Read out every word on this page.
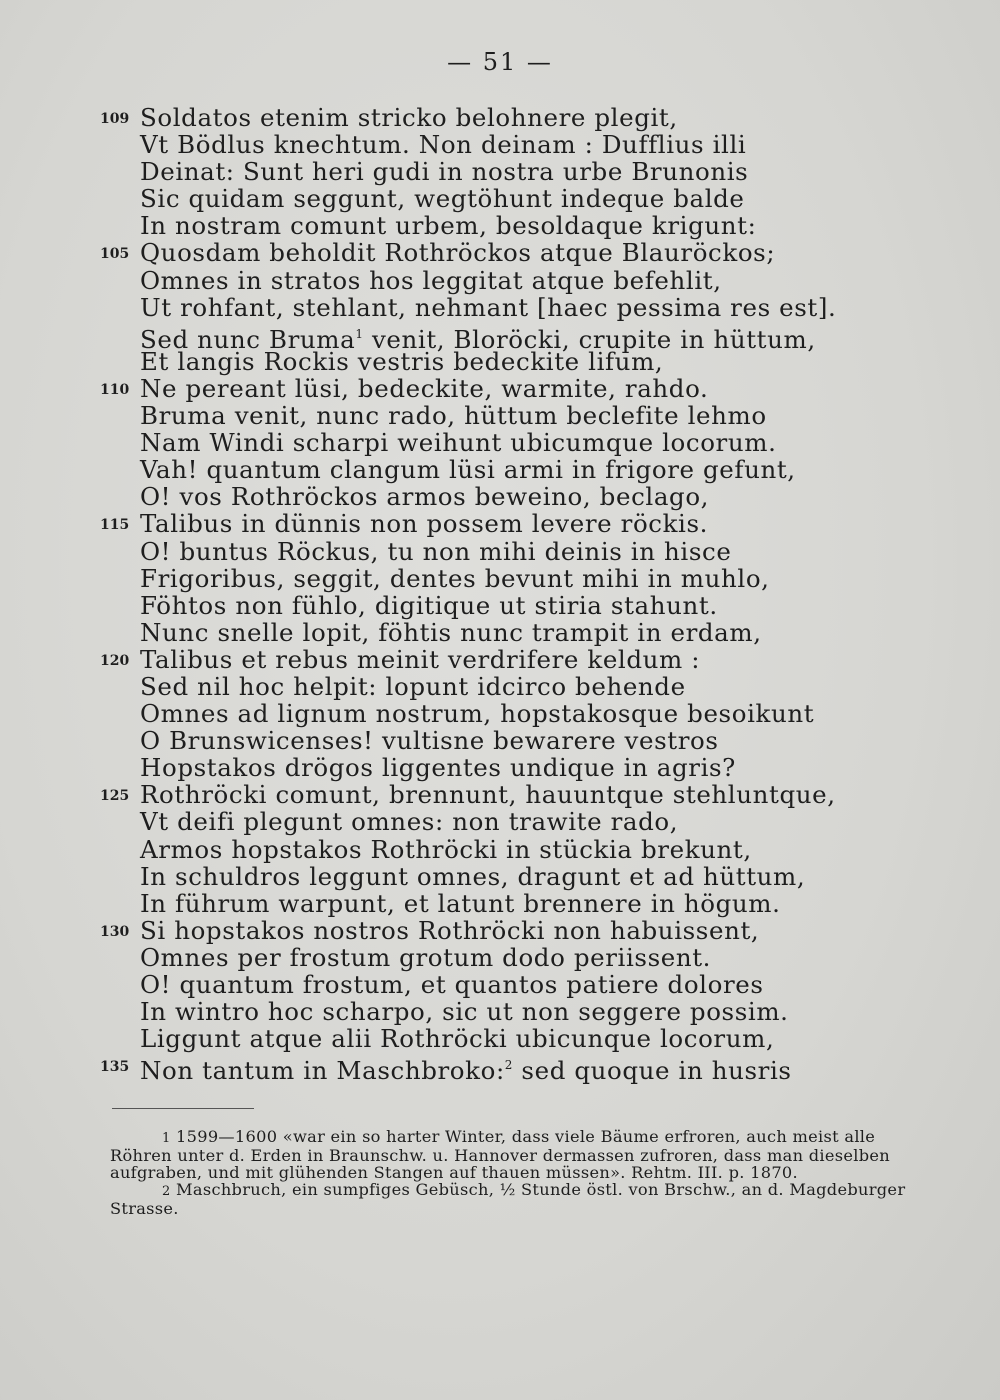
— 51 —
109 Soldatos etenim stricko belohnere plegit,
Vt Bödlus knechtum. Non deinam : Dufflius illi
Deinat: Sunt heri gudi in nostra urbe Brunonis
Sic quidam seggunt, wegtöhunt indeque balde
In nostram comunt urbem, besoldaque krigunt:
105 Quosdam beholdit Rothröckos atque Blauröckos;
Omnes in stratos hos leggitat atque befehlit,
Ut rohfant, stehlant, nehmant [haec pessima res est].
Sed nunc Bruma$^1$ venit, Bloröcki, crupite in hüttum,
Et langis Rockis vestris bedeckite lifum,
110 Ne pereant lüsi, bedeckite, warmite, rahdo.
Bruma venit, nunc rado, hüttum beclefite lehmo
Nam Windi scharpi weihunt ubicumque locorum.
Vah! quantum clangum lüsi armi in frigore gefunt,
O! vos Rothröckos armos beweino, beclago,
115 Talibus in dünnis non possem levere röckis.
O! buntus Röckus, tu non mihi deinis in hisce
Frigoribus, seggit, dentes bevunt mihi in muhlo,
Föhtos non fühlo, digitique ut stiria stahunt.
Nunc snelle lopit, föhtis nunc trampit in erdam,
120 Talibus et rebus meinit verdrifere keldum :
Sed nil hoc helpit: lopunt idcirco behende
Omnes ad lignum nostrum, hopstakosque besoikunt
O Brunswicenses! vultisne bewarere vestros
Hopstakos drögos liggentes undique in agris?
125 Rothröcki comunt, brennunt, hauuntque stehluntque,
Vt deifi plegunt omnes: non trawite rado,
Armos hopstakos Rothröcki in stückia brekunt,
In schuldros leggunt omnes, dragunt et ad hüttum,
In führum warpunt, et latunt brennere in högum.
130 Si hopstakos nostros Rothröcki non habuissent,
Omnes per frostum grotum dodo periissent.
O! quantum frostum, et quantos patiere dolores
In wintro hoc scharpo, sic ut non seggere possim.
Liggunt atque alii Rothröcki ubicunque locorum,
135 Non tantum in Maschbroko:$^2$ sed quoque in husris

1 1599—1600 «war ein so harter Winter, dass viele Bäume erfroren, auch meist alle Röhren unter d. Erden in Braunschw. u. Hannover dermassen zufroren, dass man dieselben aufgraben, und mit glühenden Stangen auf thauen müssen». Rehtm. III. p. 1870.

2 Maschbruch, ein sumpfiges Gebüsch, ½ Stunde östl. von Brschw., an d. Magdeburger Strasse.
